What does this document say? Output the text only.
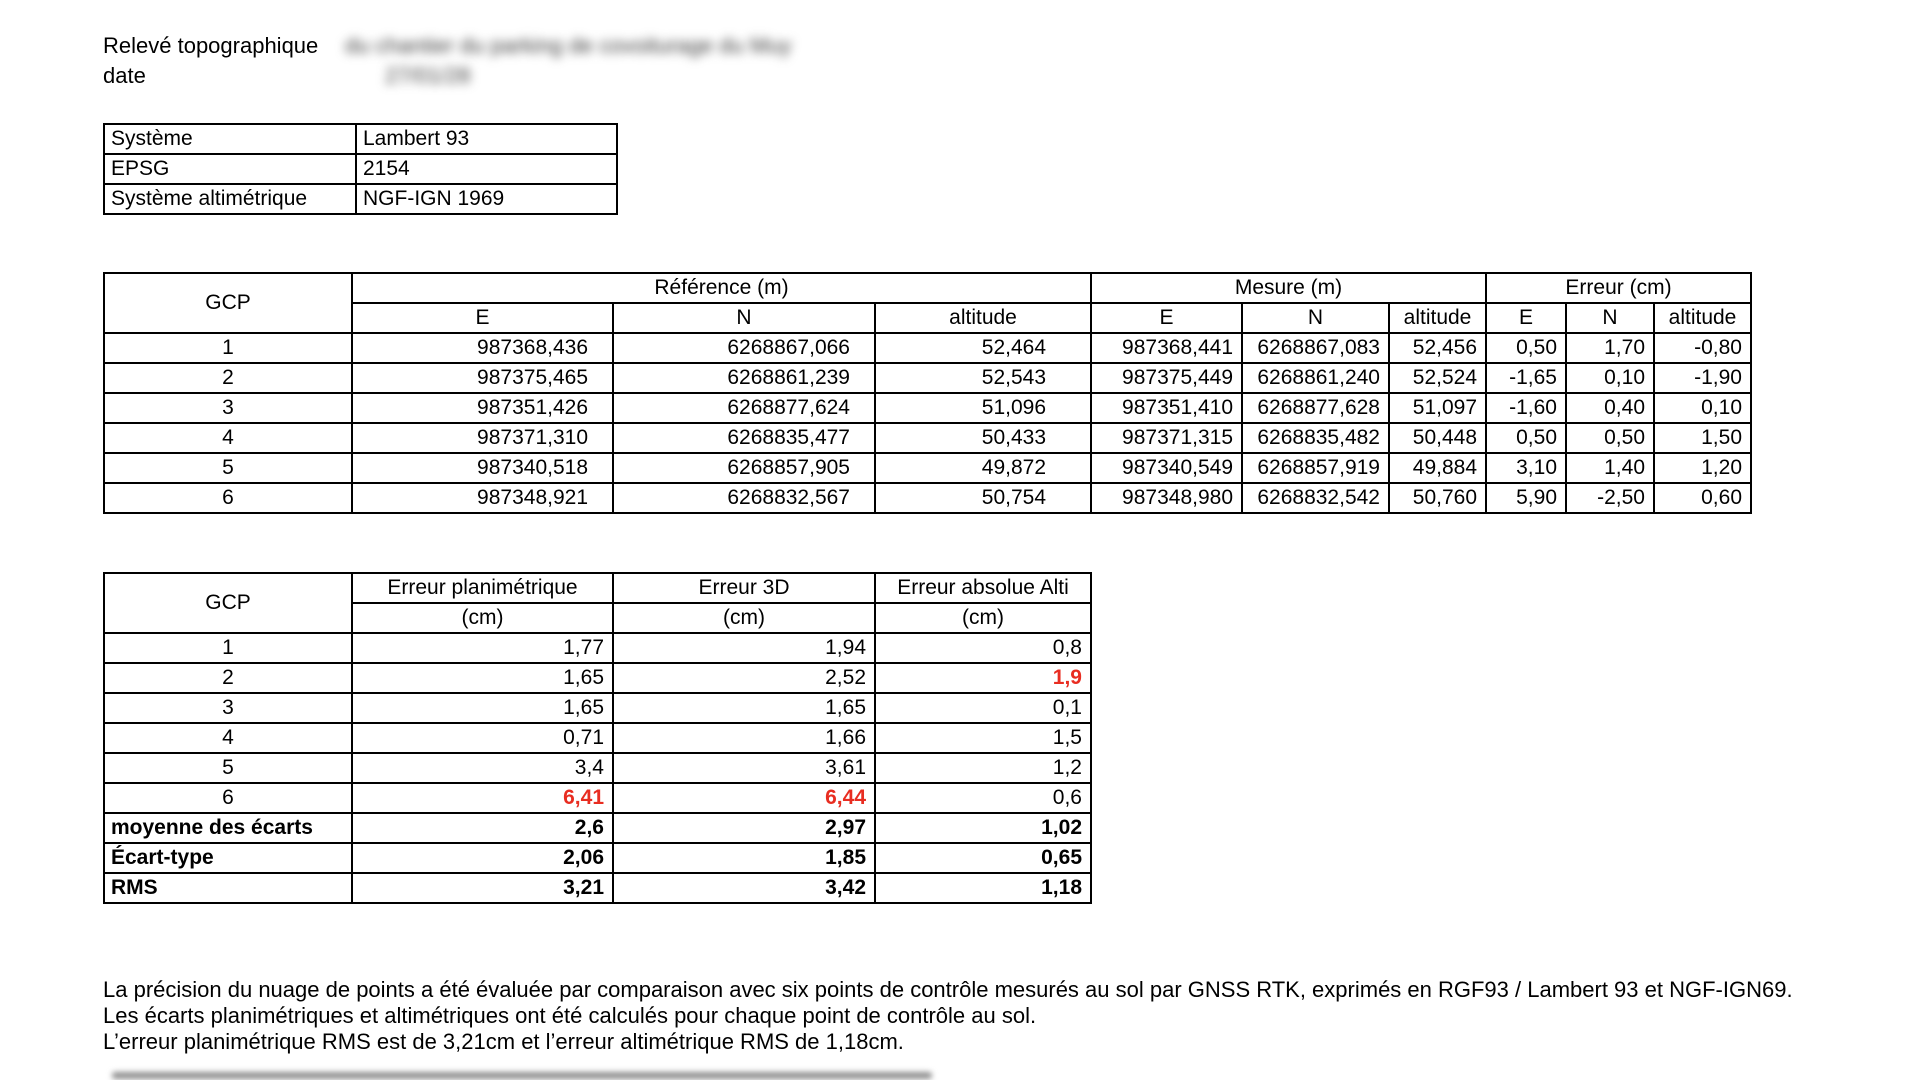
Relevé topographique	du chantier du parking de covoiturage du Muy
date	27/01/28
Système	Lambert 93
EPSG	2154
Système altimétrique	NGF-IGN 1969
GCP	Référence (m)			Mesure (m)			Erreur (cm)		
	E	N	altitude	E	N	altitude	E	N	altitude
1	987368,436	6268867,066	52,464	987368,441	6268867,083	52,456	0,50	1,70	-0,80
2	987375,465	6268861,239	52,543	987375,449	6268861,240	52,524	-1,65	0,10	-1,90
3	987351,426	6268877,624	51,096	987351,410	6268877,628	51,097	-1,60	0,40	0,10
4	987371,310	6268835,477	50,433	987371,315	6268835,482	50,448	0,50	0,50	1,50
5	987340,518	6268857,905	49,872	987340,549	6268857,919	49,884	3,10	1,40	1,20
6	987348,921	6268832,567	50,754	987348,980	6268832,542	50,760	5,90	-2,50	0,60
GCP	Erreur planimétrique	Erreur 3D	Erreur absolue Alti
	(cm)	(cm)	(cm)
1	1,77	1,94	0,8
2	1,65	2,52	1,9
3	1,65	1,65	0,1
4	0,71	1,66	1,5
5	3,4	3,61	1,2
6	6,41	6,44	0,6
moyenne des écarts	2,6	2,97	1,02
Écart-type	2,06	1,85	0,65
RMS	3,21	3,42	1,18
La précision du nuage de points a été évaluée par comparaison avec six points de contrôle mesurés au sol par GNSS RTK, exprimés en RGF93 / Lambert 93 et NGF-IGN69.
Les écarts planimétriques et altimétriques ont été calculés pour chaque point de contrôle au sol.
L’erreur planimétrique RMS est de 3,21cm et l’erreur altimétrique RMS de 1,18cm.
